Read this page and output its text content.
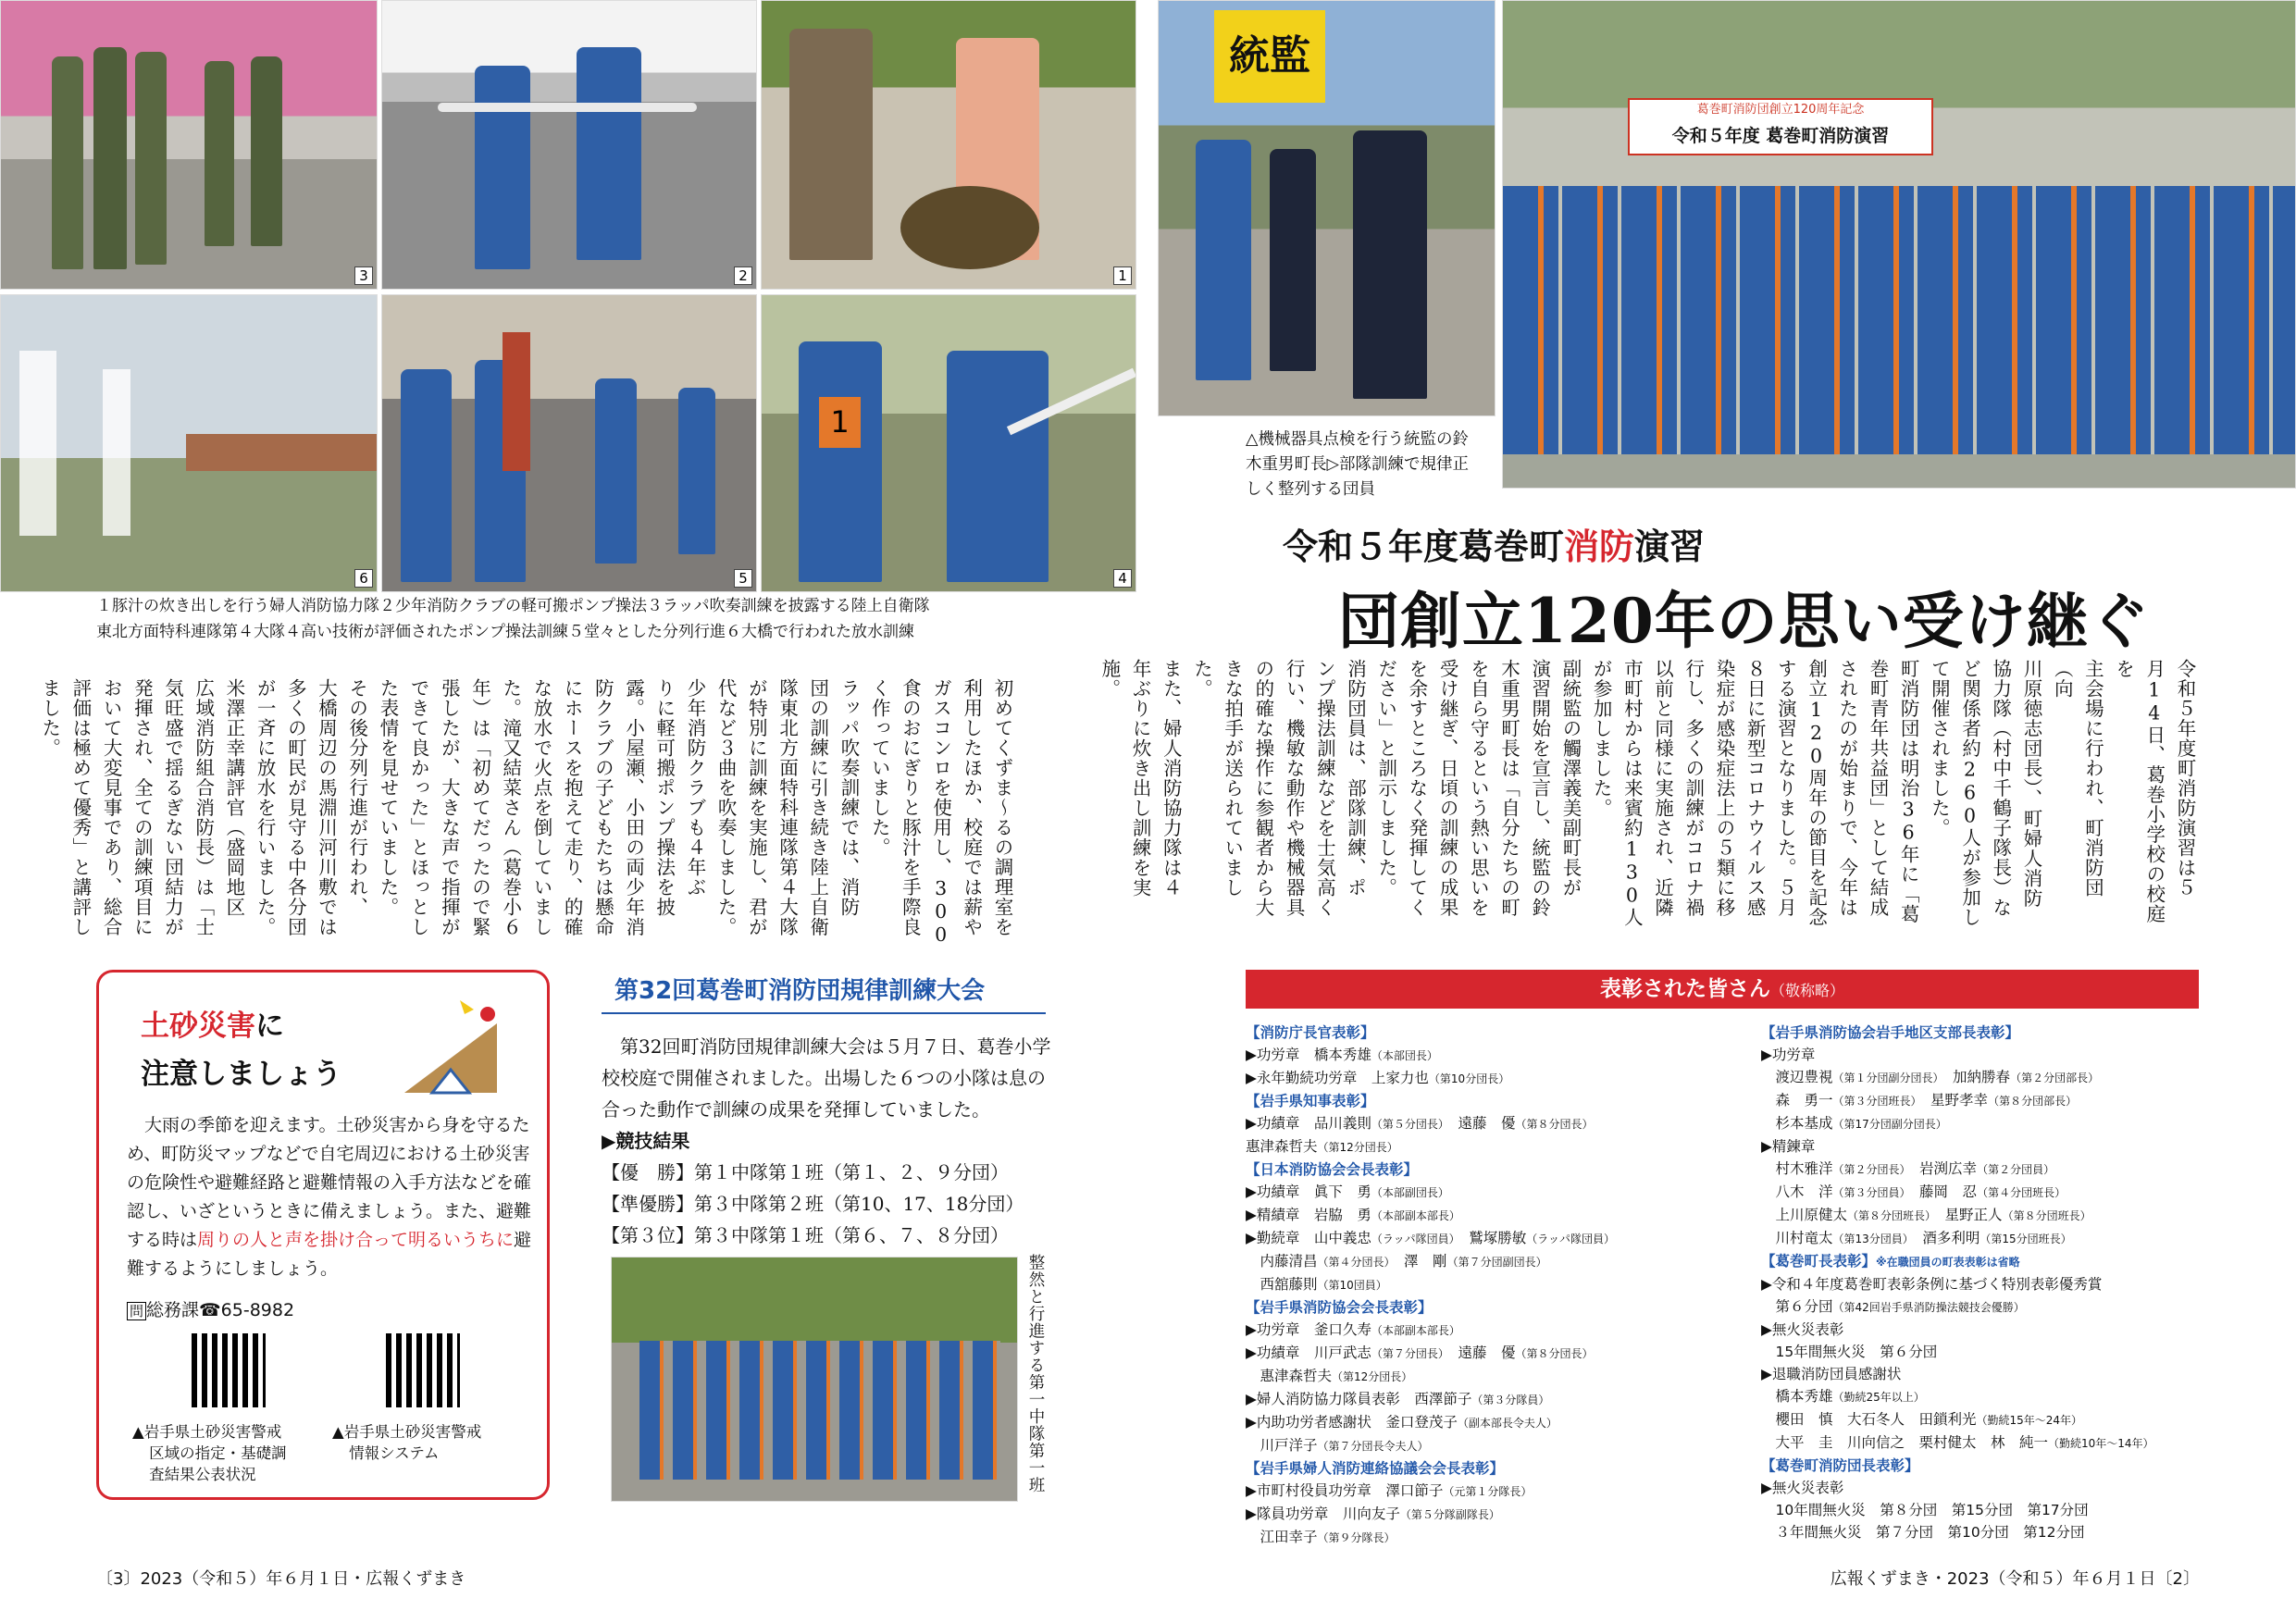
3	2	1
6	5
1
4
１豚汁の炊き出しを行う婦人消防協力隊２少年消防クラブの軽可搬ポンプ操法３ラッパ吹奏訓練を披露する陸上自衛隊
東北方面特科連隊第４大隊４高い技術が評価されたポンプ操法訓練５堂々とした分列行進６大橋で行われた放水訓練
統監
葛巻町消防団創立120周年記念
令和５年度 葛巻町消防演習
△機械器具点検を行う統監の鈴
木重男町長▷部隊訓練で規律正
しく整列する団員
令和５年度葛巻町消防演習
団創立120年の思い受け継ぐ
令和５年度町消防演習は５
月14日、葛巻小学校の校庭を
主会場に行われ、町消防団（向
川原徳志団長）、町婦人消防
協力隊（村中千鶴子隊長）な
ど関係者約260人が参加し
て開催されました。
町消防団は明治36年に「葛
巻町青年共益団」として結成
されたのが始まりで、今年は
創立120周年の節目を記念
する演習となりました。５月
８日に新型コロナウイルス感
染症が感染症法上の５類に移
行し、多くの訓練がコロナ禍
以前と同様に実施され、近隣
市町村からは来賓約130人
が参加しました。
副統監の觸澤義美副町長が
演習開始を宣言し、統監の鈴
木重男町長は「自分たちの町
を自ら守るという熱い思いを
受け継ぎ、日頃の訓練の成果
を余すところなく発揮してく
ださい」と訓示しました。
消防団員は、部隊訓練、ポ
ンプ操法訓練などを士気高く
行い、機敏な動作や機械器具
の的確な操作に参観者から大
きな拍手が送られていました。
また、婦人消防協力隊は４
年ぶりに炊き出し訓練を実施。
初めてくずま～るの調理室を
利用したほか、校庭では薪や
ガスコンロを使用し、300
食のおにぎりと豚汁を手際良
く作っていました。
ラッパ吹奏訓練では、消防
団の訓練に引き続き陸上自衛
隊東北方面特科連隊第４大隊
が特別に訓練を実施し、君が
代など３曲を吹奏しました。
少年消防クラブも４年ぶ
りに軽可搬ポンプ操法を披
露。小屋瀬、小田の両少年消
防クラブの子どもたちは懸命
にホースを抱えて走り、的確
な放水で火点を倒していまし
た。滝又結菜さん（葛巻小６
年）は「初めてだったので緊
張したが、大きな声で指揮が
できて良かった」とほっとし
た表情を見せていました。
その後分列行進が行われ、
大橋周辺の馬淵川河川敷では
多くの町民が見守る中各分団
が一斉に放水を行いました。
米澤正幸講評官（盛岡地区
広域消防組合消防長）は「士
気旺盛で揺るぎない団結力が
発揮され、全ての訓練項目に
おいて大変見事であり、総合
評価は極めて優秀」と講評し
ました。
土砂災害に
注意しましょう
大雨の季節を迎えます。土砂災害から身を守るため、町防災マップなどで自宅周辺における土砂災害の危険性や避難経路と避難情報の入手方法などを確認し、いざというときに備えましょう。また、避難する時は周りの人と声を掛け合って明るいうちに避難するようにしましょう。
問 総務課☎65-8982
▲岩手県土砂災害警戒
区域の指定・基礎調
査結果公表状況
▲岩手県土砂災害警戒
情報システム
第32回葛巻町消防団規律訓練大会
第32回町消防団規律訓練大会は５月７日、葛巻小学校校庭で開催されました。出場した６つの小隊は息の合った動作で訓練の成果を発揮していました。
▶競技結果
【優　勝】第１中隊第１班（第１、２、９分団）
【準優勝】第３中隊第２班（第10、17、18分団）
【第３位】第３中隊第１班（第６、７、８分団）
整然と行進する第一中隊第一班
表彰された皆さん（敬称略）
【消防庁長官表彰】
▶功労章　橋本秀雄（本部団長）
▶永年勤続功労章　上家力也（第10分団長）
【岩手県知事表彰】
▶功績章　品川義則（第５分団長）　 遠藤　優（第８分団長）
惠津森哲夫（第12分団長）
【日本消防協会会長表彰】
▶功績章　眞下　勇（本部副団長）
▶精績章　岩脇　勇（本部副本部長）
▶勤続章　山中義忠（ラッパ隊団員）　 鷲塚勝敏（ラッパ隊団員）
　内藤清昌（第４分団長）　 澤　剛（第７分団副団長）
　西舘藤則（第10団員）
【岩手県消防協会会長表彰】
▶功労章　釜口久寿（本部副本部長）
▶功績章　川戸武志（第７分団長）　 遠藤　優（第８分団長）
　惠津森哲夫（第12分団長）
▶婦人消防協力隊員表彰　西澤節子（第３分隊員）
▶内助功労者感謝状　釜口登茂子（副本部長令夫人）
　川戸洋子（第７分団長令夫人）
【岩手県婦人消防連絡協議会会長表彰】
▶市町村役員功労章　澤口節子（元第１分隊長）
▶隊員功労章　川向友子（第５分隊副隊長）
　江田幸子（第９分隊長）
【岩手県消防協会岩手地区支部長表彰】
▶功労章
　渡辺豊視（第１分団副分団長）　 加納勝春（第２分団部長）
　森　勇一（第３分団班長）　 星野孝幸（第８分団部長）
　杉本基成（第17分団副分団長）
▶精錬章
　村木雅洋（第２分団長）　 岩渕広幸（第２分団員）
　八木　洋（第３分団員）　 藤岡　忍（第４分団班長）
　上川原健太（第８分団班長）　 星野正人（第８分団班長）
　川村竜太（第13分団員）　 酒多利明（第15分団班長）
【葛巻町長表彰】※在職団員の町表表彰は省略
▶令和４年度葛巻町表彰条例に基づく特別表彰優秀賞
　第６分団（第42回岩手県消防操法競技会優勝）
▶無火災表彰
　15年間無火災　第６分団
▶退職消防団員感謝状
　橋本秀雄（勤続25年以上）
　櫻田　慎　大石冬人　田鎖利光（勤続15年～24年）
　大平　圭　川向信之　栗村健太　林　純一（勤続10年～14年）
【葛巻町消防団長表彰】
▶無火災表彰
　10年間無火災　第８分団　第15分団　第17分団
　３年間無火災　第７分団　第10分団　第12分団
〔3〕2023（令和５）年６月１日・広報くずまき	広報くずまき・2023（令和５）年６月１日〔2〕
